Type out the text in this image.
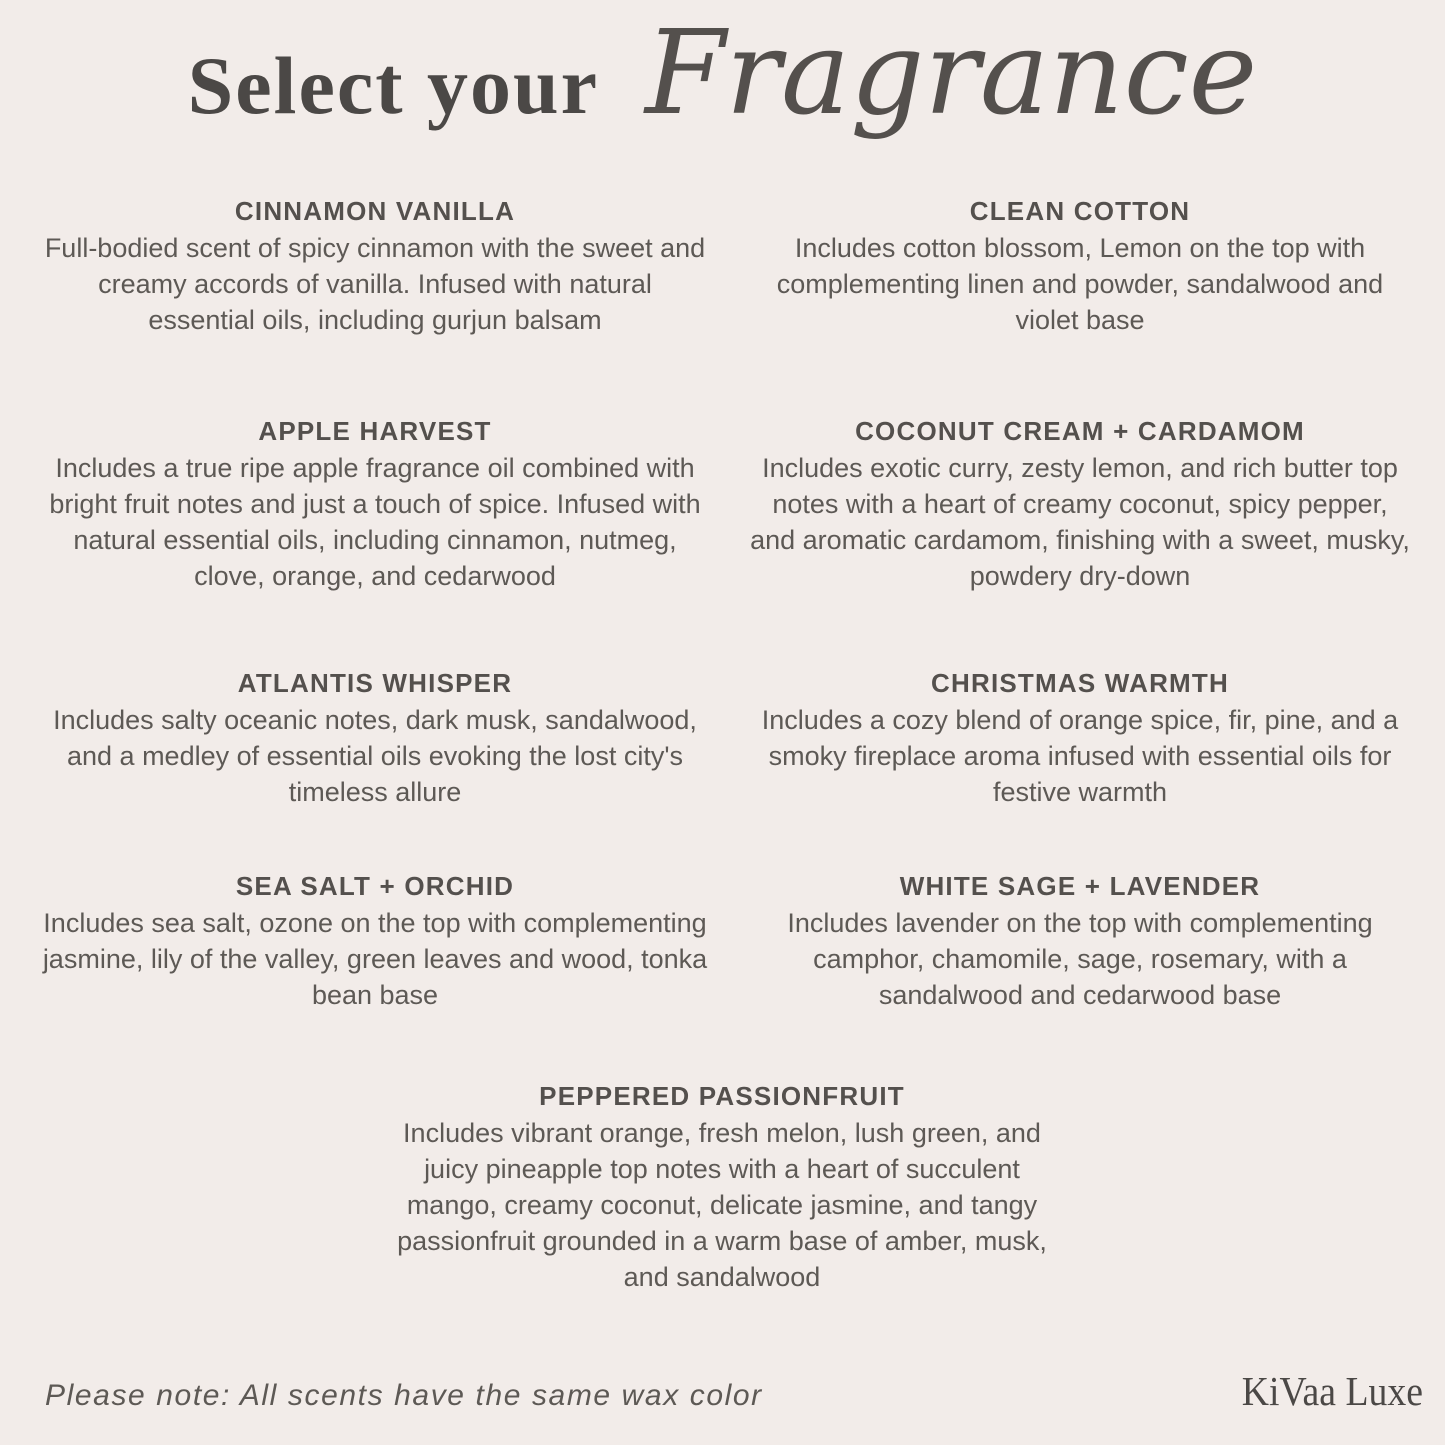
Select your Fragrance
CINNAMON VANILLA

Full-bodied scent of spicy cinnamon with the sweet and creamy accords of vanilla. Infused with natural essential oils, including gurjun balsam

CLEAN COTTON

Includes cotton blossom, Lemon on the top with complementing linen and powder, sandalwood and violet base

APPLE HARVEST

Includes a true ripe apple fragrance oil combined with bright fruit notes and just a touch of spice. Infused with natural essential oils, including cinnamon, nutmeg, clove, orange, and cedarwood

COCONUT CREAM + CARDAMOM

Includes exotic curry, zesty lemon, and rich butter top notes with a heart of creamy coconut, spicy pepper, and aromatic cardamom, finishing with a sweet, musky, powdery dry-down

ATLANTIS WHISPER

Includes salty oceanic notes, dark musk, sandalwood, and a medley of essential oils evoking the lost city's timeless allure

CHRISTMAS WARMTH

Includes a cozy blend of orange spice, fir, pine, and a smoky fireplace aroma infused with essential oils for festive warmth

SEA SALT + ORCHID

Includes sea salt, ozone on the top with complementing jasmine, lily of the valley, green leaves and wood, tonka bean base

WHITE SAGE + LAVENDER

Includes lavender on the top with complementing camphor, chamomile, sage, rosemary, with a sandalwood and cedarwood base

PEPPERED PASSIONFRUIT

Includes vibrant orange, fresh melon, lush green, and juicy pineapple top notes with a heart of succulent mango, creamy coconut, delicate jasmine, and tangy passionfruit grounded in a warm base of amber, musk, and sandalwood

Please note: All scents have the same wax color	KiVaa Luxe
